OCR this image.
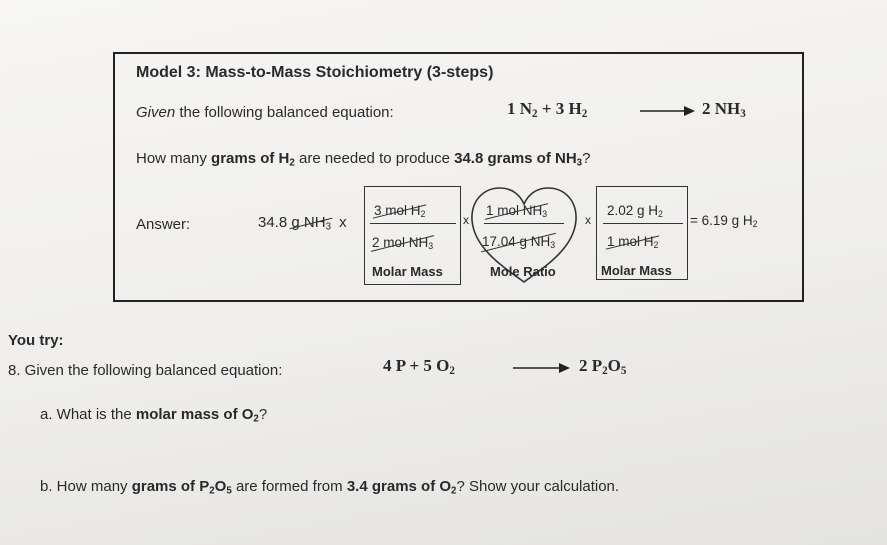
Model 3: Mass-to-Mass Stoichiometry (3-steps)
Given the following balanced equation:	1 $N_2 + 3$ $H_2$	→ 2 $NH_3$
How many grams of $H_2$ are needed to produce 34.8 grams of $NH_3$?
Answer:	34.8 g $NH_3$ x
3 mol $H_2$
2 mol $NH_3$
Molar Mass
x
1 mol $NH_3$
17.04 g $NH_3$
Mole Ratio
x
2.02 g $H_2$
1 mol $H_2$
Molar Mass
= 6.19 g $H_2$
You try:
8. Given the following balanced equation:	4 P + 5 $O_2$	→ 2 $P_2O_5$
a. What is the molar mass of $O_2$?
b. How many grams of $P_2O_5$ are formed from 3.4 grams of $O_2$? Show your calculation.
